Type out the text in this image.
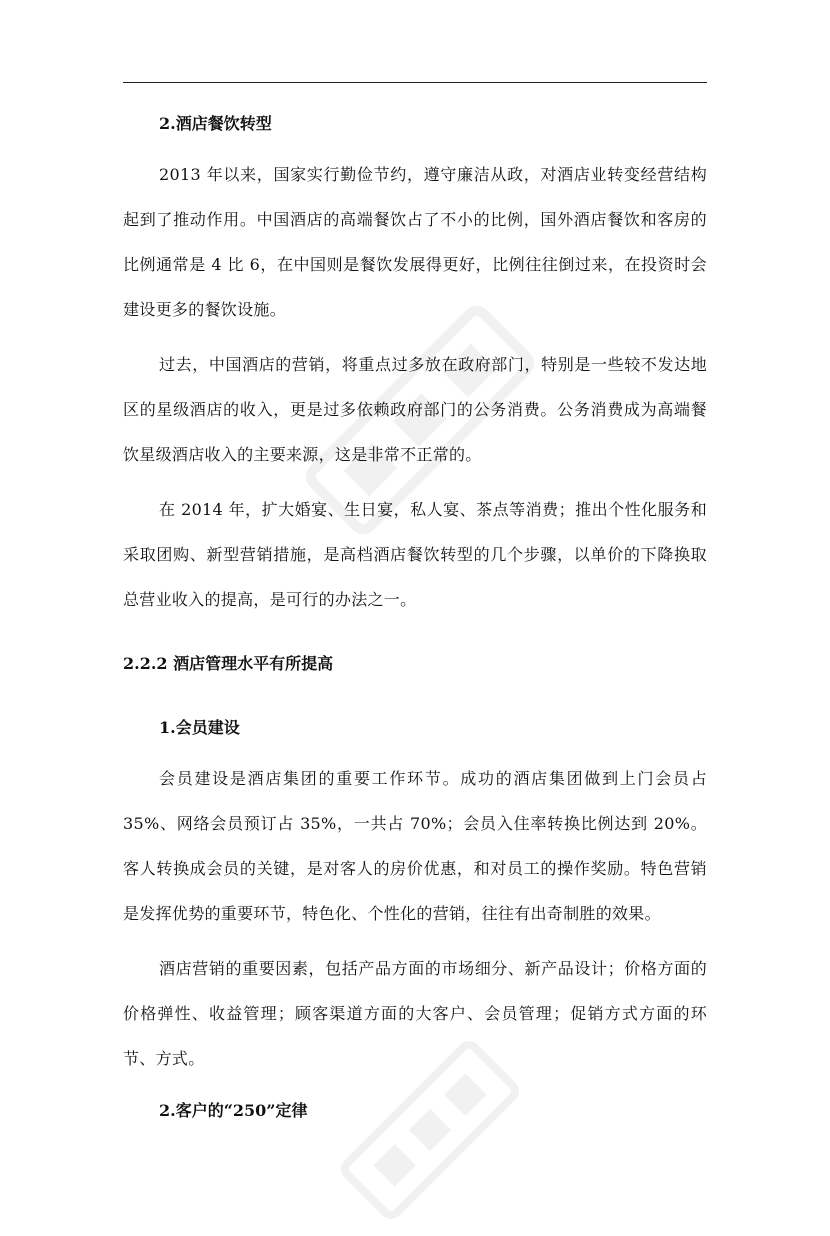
2.酒店餐饮转型

2013 年以来，国家实行勤俭节约，遵守廉洁从政，对酒店业转变经营结构起到了推动作用。中国酒店的高端餐饮占了不小的比例，国外酒店餐饮和客房的比例通常是 4 比 6，在中国则是餐饮发展得更好，比例往往倒过来，在投资时会建设更多的餐饮设施。

过去，中国酒店的营销，将重点过多放在政府部门，特别是一些较不发达地区的星级酒店的收入，更是过多依赖政府部门的公务消费。公务消费成为高端餐饮星级酒店收入的主要来源，这是非常不正常的。

在 2014 年，扩大婚宴、生日宴，私人宴、茶点等消费；推出个性化服务和采取团购、新型营销措施，是高档酒店餐饮转型的几个步骤，以单价的下降换取总营业收入的提高，是可行的办法之一。

2.2.2 酒店管理水平有所提高
1.会员建设

会员建设是酒店集团的重要工作环节。成功的酒店集团做到上门会员占35%、网络会员预订占 35%，一共占 70%；会员入住率转换比例达到 20%。客人转换成会员的关键，是对客人的房价优惠，和对员工的操作奖励。特色营销是发挥优势的重要环节，特色化、个性化的营销，往往有出奇制胜的效果。

酒店营销的重要因素，包括产品方面的市场细分、新产品设计；价格方面的价格弹性、收益管理；顾客渠道方面的大客户、会员管理；促销方式方面的环节、方式。

2.客户的“250”定律
